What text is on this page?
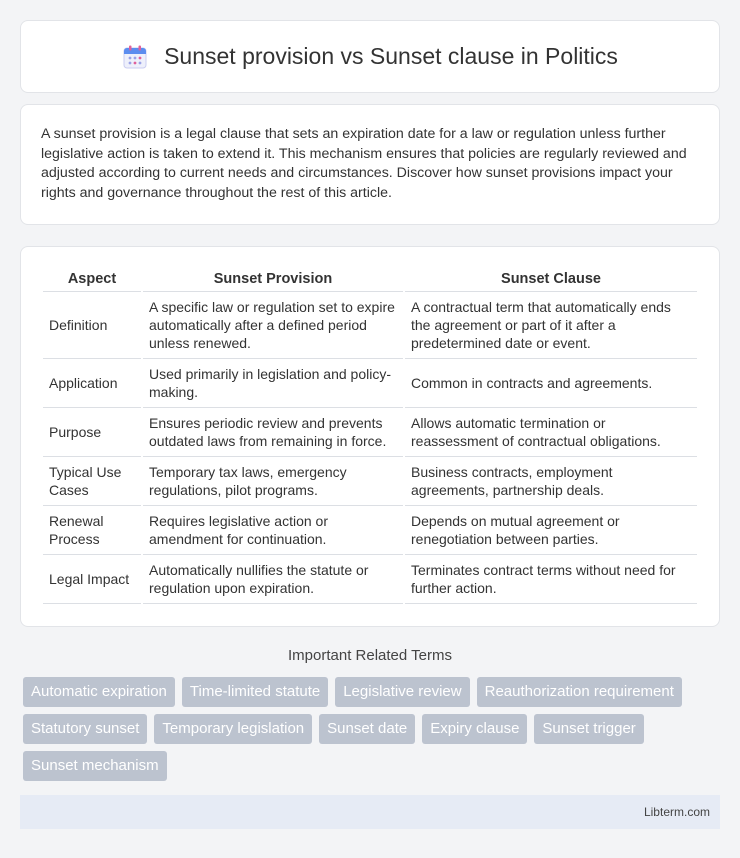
Sunset provision vs Sunset clause in Politics

A sunset provision is a legal clause that sets an expiration date for a law or regulation unless further legislative action is taken to extend it. This mechanism ensures that policies are regularly reviewed and adjusted according to current needs and circumstances. Discover how sunset provisions impact your rights and governance throughout the rest of this article.

Aspect	Sunset Provision	Sunset Clause
Definition	A specific law or regulation set to expire automatically after a defined period unless renewed.	A contractual term that automatically ends the agreement or part of it after a predetermined date or event.
Application	Used primarily in legislation and policy-making.	Common in contracts and agreements.
Purpose	Ensures periodic review and prevents outdated laws from remaining in force.	Allows automatic termination or reassessment of contractual obligations.
Typical Use Cases	Temporary tax laws, emergency regulations, pilot programs.	Business contracts, employment agreements, partnership deals.
Renewal Process	Requires legislative action or amendment for continuation.	Depends on mutual agreement or renegotiation between parties.
Legal Impact	Automatically nullifies the statute or regulation upon expiration.	Terminates contract terms without need for further action.
Important Related Terms
Automatic expiration	Time-limited statute	Legislative review	Reauthorization requirement
Statutory sunset	Temporary legislation	Sunset date	Expiry clause	Sunset trigger
Sunset mechanism
Libterm.com
